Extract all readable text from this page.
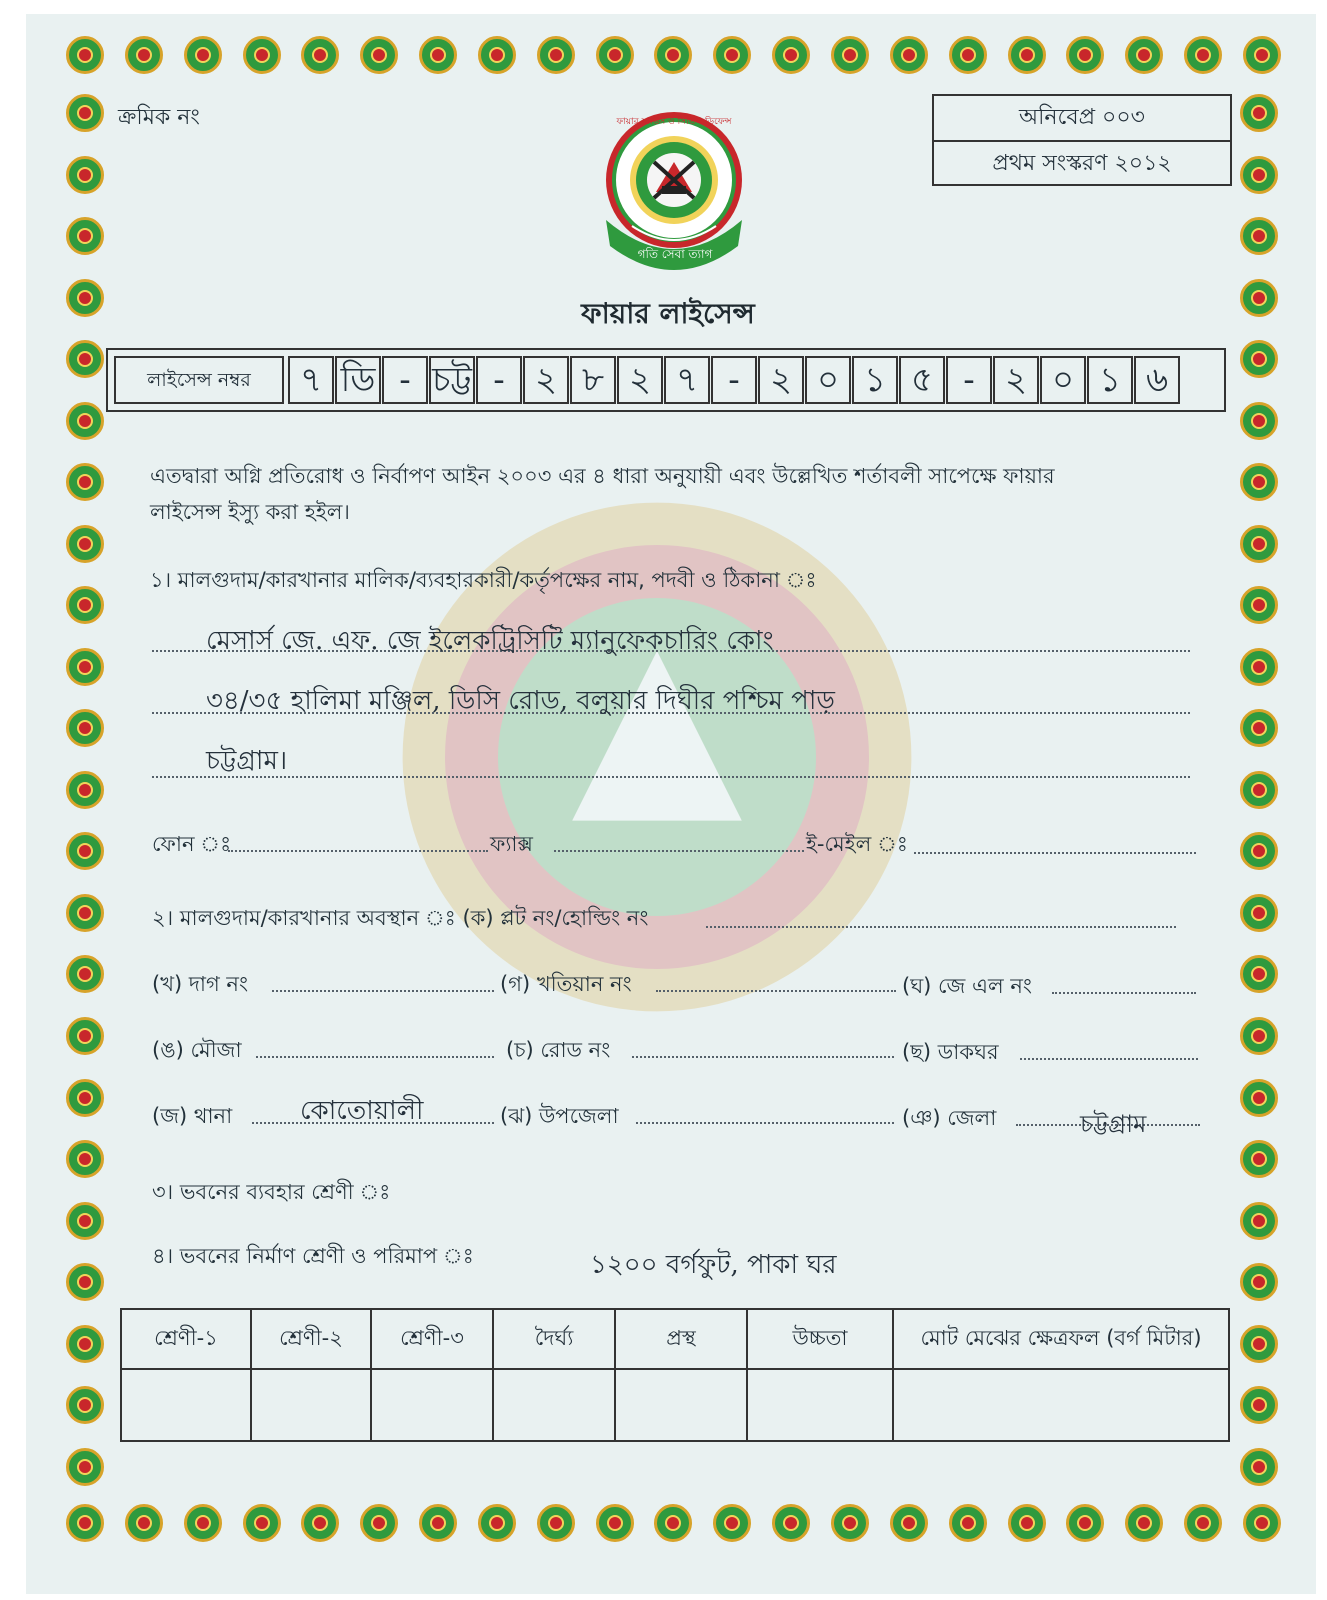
ক্রমিক নং	অনিবেপ্র ০০৩
প্রথম সংস্করণ ২০১২
ফায়ার সার্ভিস ও সিভিল ডিফেন্স
বাংলাদেশ
গতি সেবা ত্যাগ
ফায়ার লাইসেন্স
লাইসেন্স নম্বর	৭ ডি - চট্ট - ২ ৮ ২ ৭ - ২ ০ ১ ৫ - ২ ০ ১ ৬
এতদ্বারা অগ্নি প্রতিরোধ ও নির্বাপণ আইন ২০০৩ এর ৪ ধারা অনুযায়ী এবং উল্লেখিত শর্তাবলী সাপেক্ষে ফায়ার
লাইসেন্স ইস্যু করা হইল।
১। মালগুদাম/কারখানার মালিক/ব্যবহারকারী/কর্তৃপক্ষের নাম, পদবী ও ঠিকানা ঃ
মেসার্স জে. এফ. জে ইলেকট্রিসিটি ম্যানুফেকচারিং কোং
৩৪/৩৫ হালিমা মঞ্জিল, ডিসি রোড, বলুয়ার দিঘীর পশ্চিম পাড়
চট্টগ্রাম।
ফোন ঃ	ফ্যাক্স	ই-মেইল ঃ
২। মালগুদাম/কারখানার অবস্থান ঃ (ক) প্লট নং/হোল্ডিং নং
(খ) দাগ নং	(গ) খতিয়ান নং	(ঘ) জে এল নং
(ঙ) মৌজা	(চ) রোড নং	(ছ) ডাকঘর
(জ) থানা	কোতোয়ালী	(ঝ) উপজেলা	(ঞ) জেলা	চট্টগ্রাম
৩। ভবনের ব্যবহার শ্রেণী ঃ
৪। ভবনের নির্মাণ শ্রেণী ও পরিমাপ ঃ	১২০০ বর্গফুট, পাকা ঘর
শ্রেণী-১	শ্রেণী-২	শ্রেণী-৩	দৈর্ঘ্য	প্রস্থ	উচ্চতা	মোট মেঝের ক্ষেত্রফল (বর্গ মিটার)
